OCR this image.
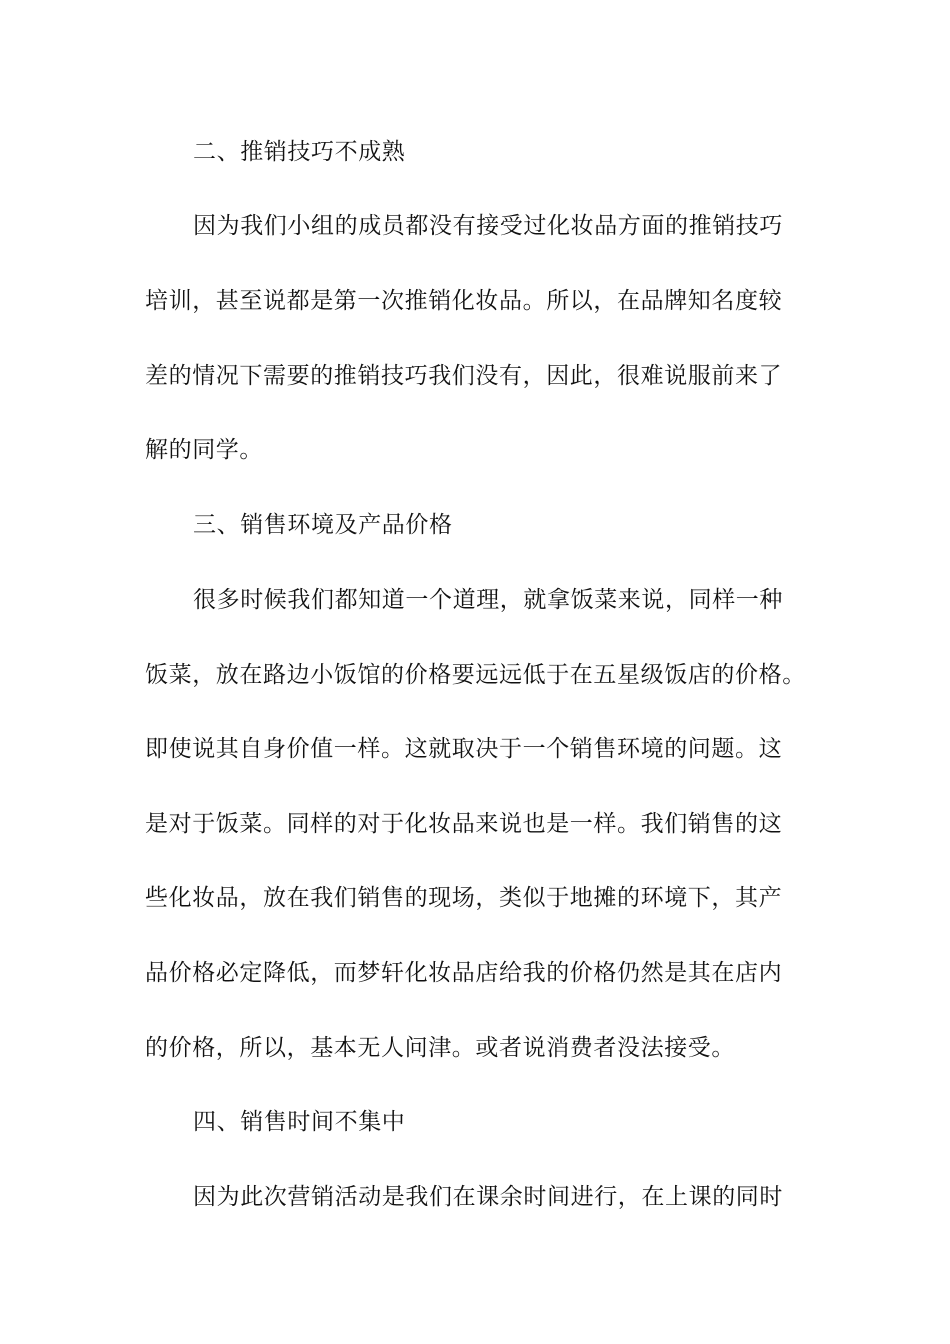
二、推销技巧不成熟
因为我们小组的成员都没有接受过化妆品方面的推销技巧
培训，甚至说都是第一次推销化妆品。所以，在品牌知名度较
差的情况下需要的推销技巧我们没有，因此，很难说服前来了
解的同学。
三、销售环境及产品价格
很多时候我们都知道一个道理，就拿饭菜来说，同样一种
饭菜，放在路边小饭馆的价格要远远低于在五星级饭店的价格。
即使说其自身价值一样。这就取决于一个销售环境的问题。这
是对于饭菜。同样的对于化妆品来说也是一样。我们销售的这
些化妆品，放在我们销售的现场，类似于地摊的环境下，其产
品价格必定降低，而梦轩化妆品店给我的价格仍然是其在店内
的价格，所以，基本无人问津。或者说消费者没法接受。
四、销售时间不集中
因为此次营销活动是我们在课余时间进行，在上课的同时
